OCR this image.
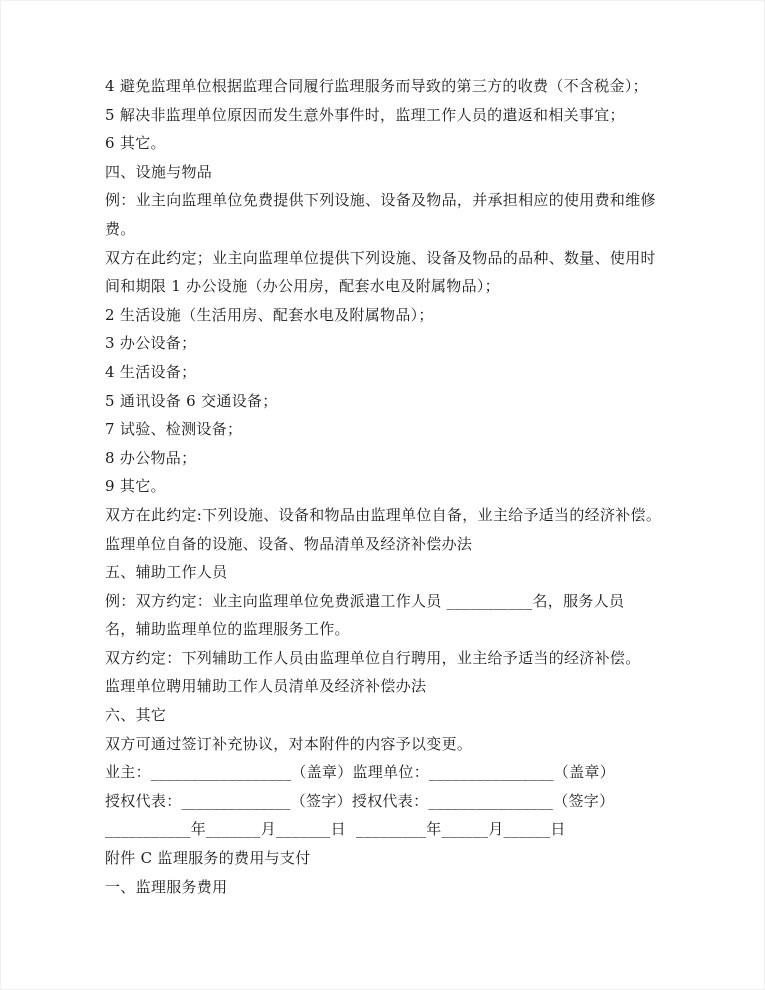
4 避免监理单位根据监理合同履行监理服务而导致的第三方的收费（不含税金）；

5 解决非监理单位原因而发生意外事件时，监理工作人员的遣返和相关事宜；

6 其它。

四、设施与物品

例：业主向监理单位免费提供下列设施、设备及物品，并承担相应的使用费和维修

费。

双方在此约定；业主向监理单位提供下列设施、设备及物品的品种、数量、使用时

间和期限 1 办公设施（办公用房，配套水电及附属物品）；

2 生活设施（生活用房、配套水电及附属物品）；

3 办公设备；

4 生活设备；

5 通讯设备 6 交通设备；

7 试验、检测设备；

8 办公物品；

9 其它。

双方在此约定:下列设施、设备和物品由监理单位自备，业主给予适当的经济补偿。

监理单位自备的设施、设备、物品清单及经济补偿办法

五、辅助工作人员

例：双方约定：业主向监理单位免费派遣工作人员 ___________名，服务人员

名，辅助监理单位的监理服务工作。

双方约定：下列辅助工作人员由监理单位自行聘用，业主给予适当的经济补偿。

监理单位聘用辅助工作人员清单及经济补偿办法

六、其它

双方可通过签订补充协议，对本附件的内容予以变更。

业主：__________________（盖章）监理单位：________________（盖章）

授权代表：______________（签字）授权代表：________________（签字）

___________年_______月_______日  _________年______月______日

附件 C 监理服务的费用与支付

一、监理服务费用
